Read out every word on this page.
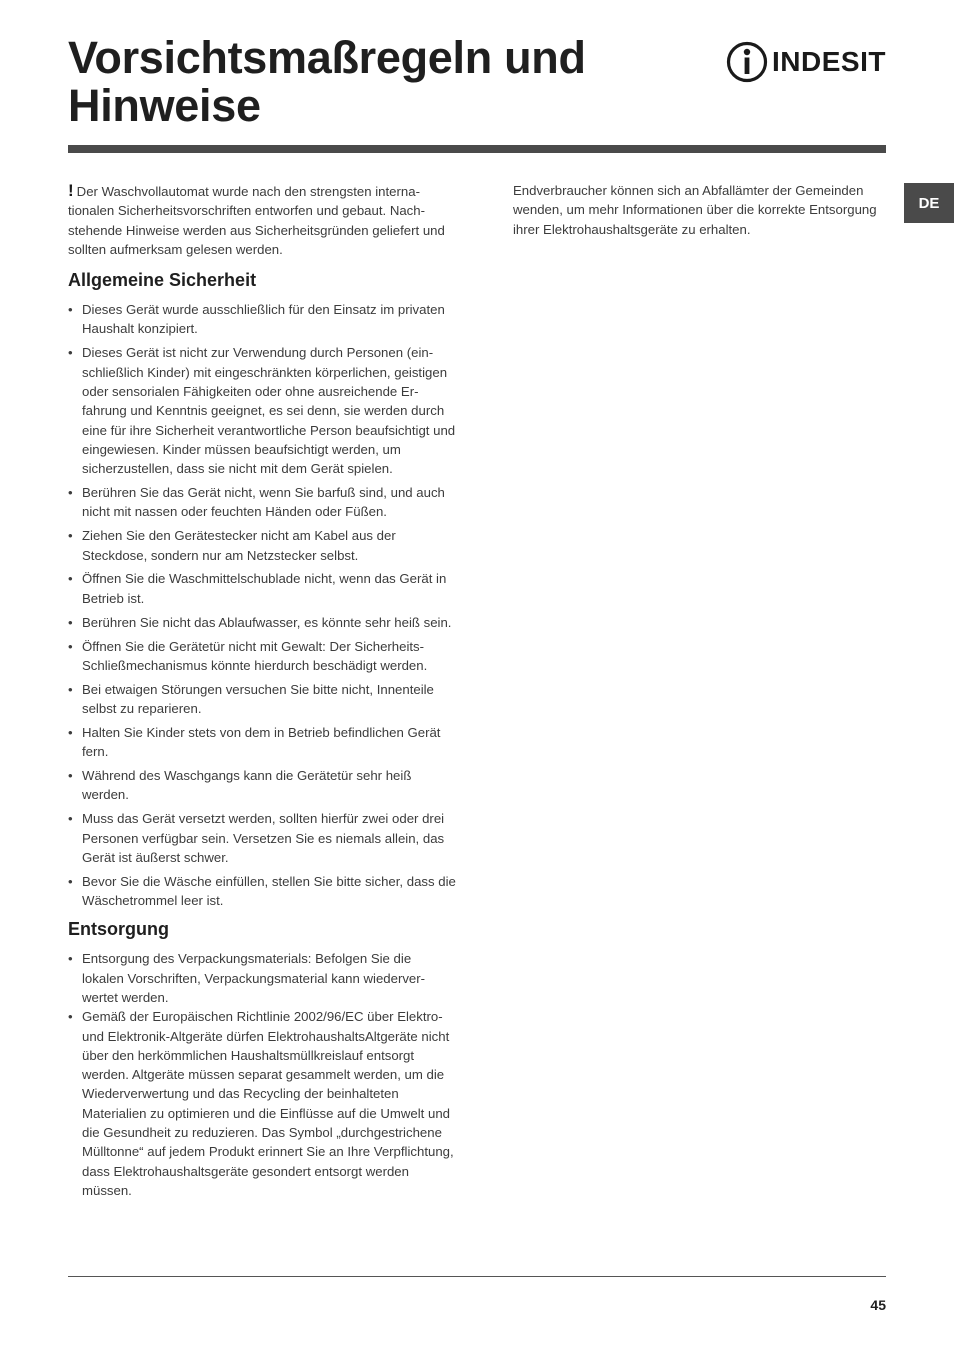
Vorsichtsmaßregeln und
Hinweise
INDESIT
DE

! Der Waschvollautomat wurde nach den strengsten internationalen Sicherheitsvorschriften entworfen und gebaut. Nachstehende Hinweise werden aus Sicherheitsgründen geliefert und sollten aufmerksam gelesen werden.

Allgemeine Sicherheit
• Dieses Gerät wurde ausschließlich für den Einsatz im privaten Haushalt konzipiert.
• Dieses Gerät ist nicht zur Verwendung durch Personen (einschließlich Kinder) mit eingeschränkten körperlichen, geistigen oder sensorialen Fähigkeiten oder ohne ausreichende Erfahrung und Kenntnis geeignet, es sei denn, sie werden durch eine für ihre Sicherheit verantwortliche Person beaufsichtigt und eingewiesen. Kinder müssen beaufsichtigt werden, um sicherzustellen, dass sie nicht mit dem Gerät spielen.
• Berühren Sie das Gerät nicht, wenn Sie barfuß sind, und auch nicht mit nassen oder feuchten Händen oder Füßen.
• Ziehen Sie den Gerätestecker nicht am Kabel aus der Steckdose, sondern nur am Netzstecker selbst.
• Öffnen Sie die Waschmittelschublade nicht, wenn das Gerät in Betrieb ist.
• Berühren Sie nicht das Ablaufwasser, es könnte sehr heiß sein.
• Öffnen Sie die Gerätetür nicht mit Gewalt: Der SicherheitsSchließmechanismus könnte hierdurch beschädigt werden.
• Bei etwaigen Störungen versuchen Sie bitte nicht, Innenteile selbst zu reparieren.
• Halten Sie Kinder stets von dem in Betrieb befindlichen Gerät fern.
• Während des Waschgangs kann die Gerätetür sehr heiß werden.
• Muss das Gerät versetzt werden, sollten hierfür zwei oder drei Personen verfügbar sein. Versetzen Sie es niemals allein, das Gerät ist äußerst schwer.
• Bevor Sie die Wäsche einfüllen, stellen Sie bitte sicher, dass die Wäschetrommel leer ist.
Entsorgung
• Entsorgung des Verpackungsmaterials: Befolgen Sie die lokalen Vorschriften, Verpackungsmaterial kann wiederverwertet werden.
• Gemäß der Europäischen Richtlinie 2002/96/EC über Elektro- und Elektronik-Altgeräte dürfen ElektrohaushaltsAltgeräte nicht über den herkömmlichen Haushaltsmüllkreislauf entsorgt werden. Altgeräte müssen separat gesammelt werden, um die Wiederverwertung und das Recycling der beinhalteten Materialien zu optimieren und die Einflüsse auf die Umwelt und die Gesundheit zu reduzieren. Das Symbol „durchgestrichene Mülltonne“ auf jedem Produkt erinnert Sie an Ihre Verpflichtung, dass Elektrohaushaltsgeräte gesondert entsorgt werden müssen.

Endverbraucher können sich an Abfallämter der Gemeinden wenden, um mehr Informationen über die korrekte Entsorgung ihrer Elektrohaushaltsgeräte zu erhalten.

45
